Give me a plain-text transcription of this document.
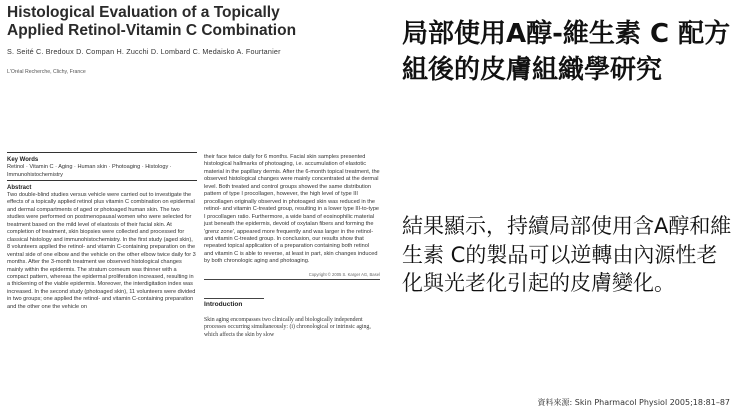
Histological Evaluation of a Topically Applied Retinol-Vitamin C Combination
S. Seité C. Bredoux D. Compan H. Zucchi D. Lombard C. Medaisko A. Fourtanier
L'Oréal Recherche, Clichy, France
Key Words
Retinol · Vitamin C · Aging · Human skin · Photoaging · Histology · Immunohistochemistry
Abstract
Two double-blind studies versus vehicle were carried out to investigate the effects of a topically applied retinol plus vitamin C combination on epidermal and dermal compartments of aged or photoaged human skin. The two studies were performed on postmenopausal women who were selected for treatment based on the mild level of elastosis of their facial skin. At completion of treatment, skin biopsies were collected and processed for classical histology and immunohistochemistry. In the first study (aged skin), 8 volunteers applied the retinol- and vitamin C-containing preparation on the ventral side of one elbow and the vehicle on the other elbow twice daily for 3 months. After the 3-month treatment we observed histological changes mainly within the epidermis. The stratum corneum was thinner with a compact pattern, whereas the epidermal proliferation increased, resulting in a thickening of the viable epidermis. Moreover, the interdigitation index was increased. In the second study (photoaged skin), 11 volunteers were divided in two groups; one applied the retinol- and vitamin C-containing preparation and the other one the vehicle on
their face twice daily for 6 months. Facial skin samples presented histological hallmarks of photoaging, i.e. accumulation of elastotic material in the papillary dermis. After the 6-month topical treatment, the observed histological changes were mainly concentrated at the dermal level. Both treated and control groups showed the same distribution pattern of type I procollagen, however, the high level of type III procollagen originally observed in photoaged skin was reduced in the retinol- and vitamin C-treated group, resulting in a lower type III-to-type I procollagen ratio. Furthermore, a wide band of eosinophilic material just beneath the epidermis, devoid of oxytalan fibers and forming the 'grenz zone', appeared more frequently and was larger in the retinol- and vitamin C-treated group. In conclusion, our results show that repeated topical application of a preparation containing both retinol and vitamin C is able to reverse, at least in part, skin changes induced by both chronologic aging and photoaging.
Copyright © 2005 S. Karger AG, Basel
Introduction
Skin aging encompasses two clinically and biologically independent processes occurring simultaneously: (i) chronological or intrinsic aging, which affects the skin by slow
局部使用A醇-維生素 C 配方組後的皮膚組織學研究
結果顯示，持續局部使用含A醇和維生素 C的製品可以逆轉由內源性老化與光老化引起的皮膚變化。
資料來源: Skin Pharmacol Physiol 2005;18:81–87
